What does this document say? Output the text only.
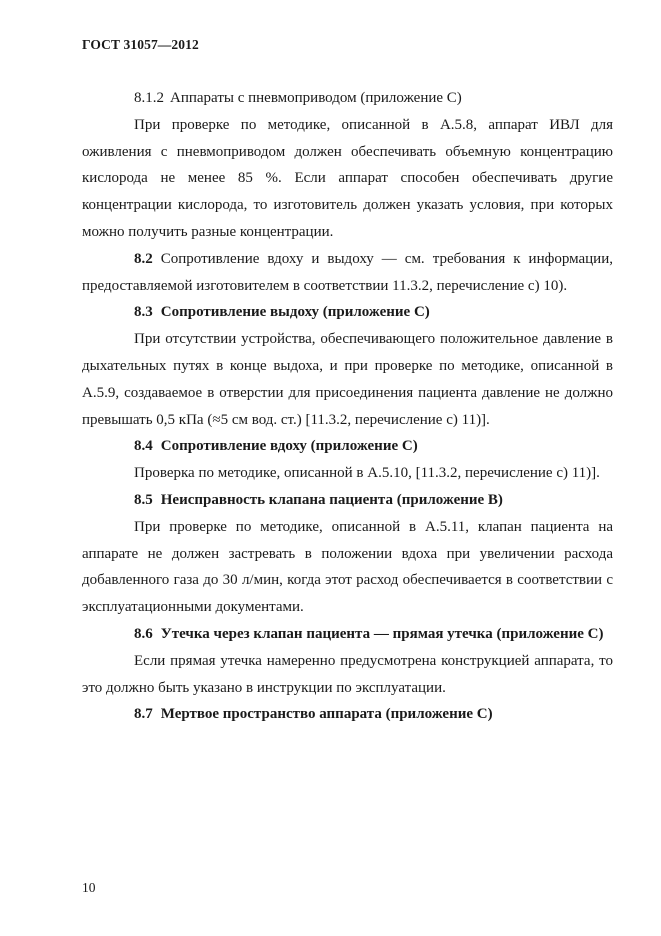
ГОСТ 31057—2012

8.1.2 Аппараты с пневмоприводом (приложение С)

При проверке по методике, описанной в А.5.8, аппарат ИВЛ для оживления с пневмоприводом должен обеспечивать объемную концентрацию кислорода не менее 85 %. Если аппарат способен обеспечивать другие концентрации кислорода, то изготовитель должен указать условия, при которых можно получить разные концентрации.

8.2 Сопротивление вдоху и выдоху — см. требования к информации, предоставляемой изготовителем в соответствии 11.3.2, перечисление с) 10).

8.3 Сопротивление выдоху (приложение С)

При отсутствии устройства, обеспечивающего положительное давление в дыхательных путях в конце выдоха, и при проверке по методике, описанной в А.5.9, создаваемое в отверстии для присоединения пациента давление не должно превышать 0,5 кПа (≈5 см вод. ст.) [11.3.2, перечисление с) 11)].

8.4 Сопротивление вдоху (приложение С)

Проверка по методике, описанной в А.5.10, [11.3.2, перечисление с) 11)].

8.5 Неисправность клапана пациента (приложение В)

При проверке по методике, описанной в А.5.11, клапан пациента на аппарате не должен застревать в положении вдоха при увеличении расхода добавленного газа до 30 л/мин, когда этот расход обеспечивается в соответствии с эксплуатационными документами.

8.6 Утечка через клапан пациента — прямая утечка (приложение С)

Если прямая утечка намеренно предусмотрена конструкцией аппарата, то это должно быть указано в инструкции по эксплуатации.

8.7 Мертвое пространство аппарата (приложение С)

10
